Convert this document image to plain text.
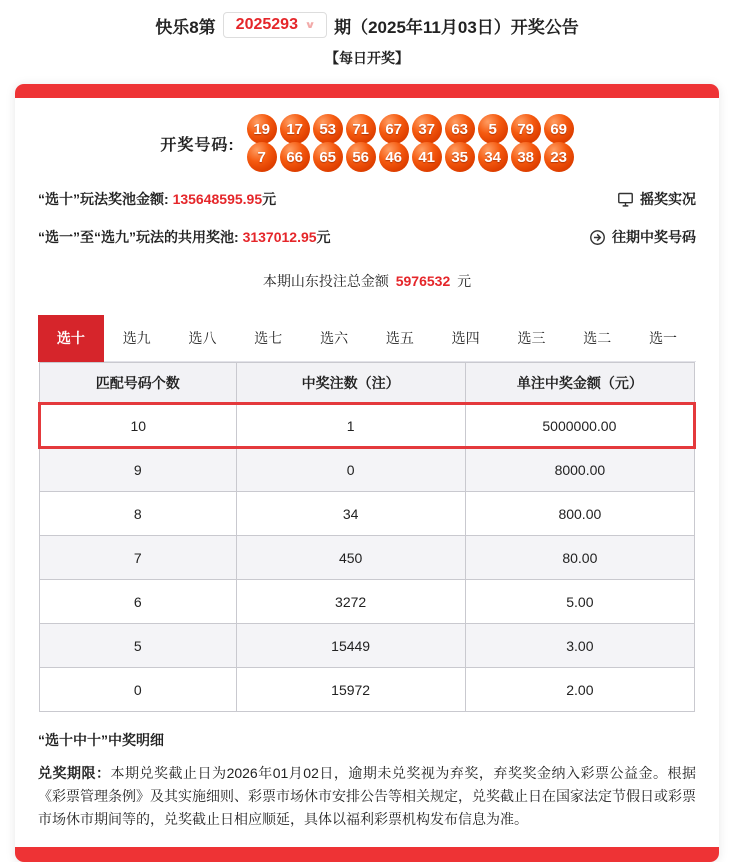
快乐8第 2025293 ∨ 期（2025年11月03日）开奖公告
【每日开奖】
开奖号码:
19	17	53	71	67	37	63	5	79	69
7	66	65	56	46	41	35	34	38	23
“选十”玩法奖池金额: 135648595.95元	摇奖实况
“选一”至“选九”玩法的共用奖池: 3137012.95元	往期中奖号码
本期山东投注总金额 5976532 元
选十	选九	选八	选七	选六	选五	选四	选三	选二	选一
匹配号码个数	中奖注数（注）	单注中奖金额（元）
10	1	5000000.00
9	0	8000.00
8	34	800.00
7	450	80.00
6	3272	5.00
5	15449	3.00
0	15972	2.00
“选十中十”中奖明细

兑奖期限：本期兑奖截止日为2026年01月02日，逾期未兑奖视为弃奖，弃奖奖金纳入彩票公益金。根据《彩票管理条例》及其实施细则、彩票市场休市安排公告等相关规定，兑奖截止日在国家法定节假日或彩票市场休市期间等的，兑奖截止日相应顺延，具体以福利彩票机构发布信息为准。
